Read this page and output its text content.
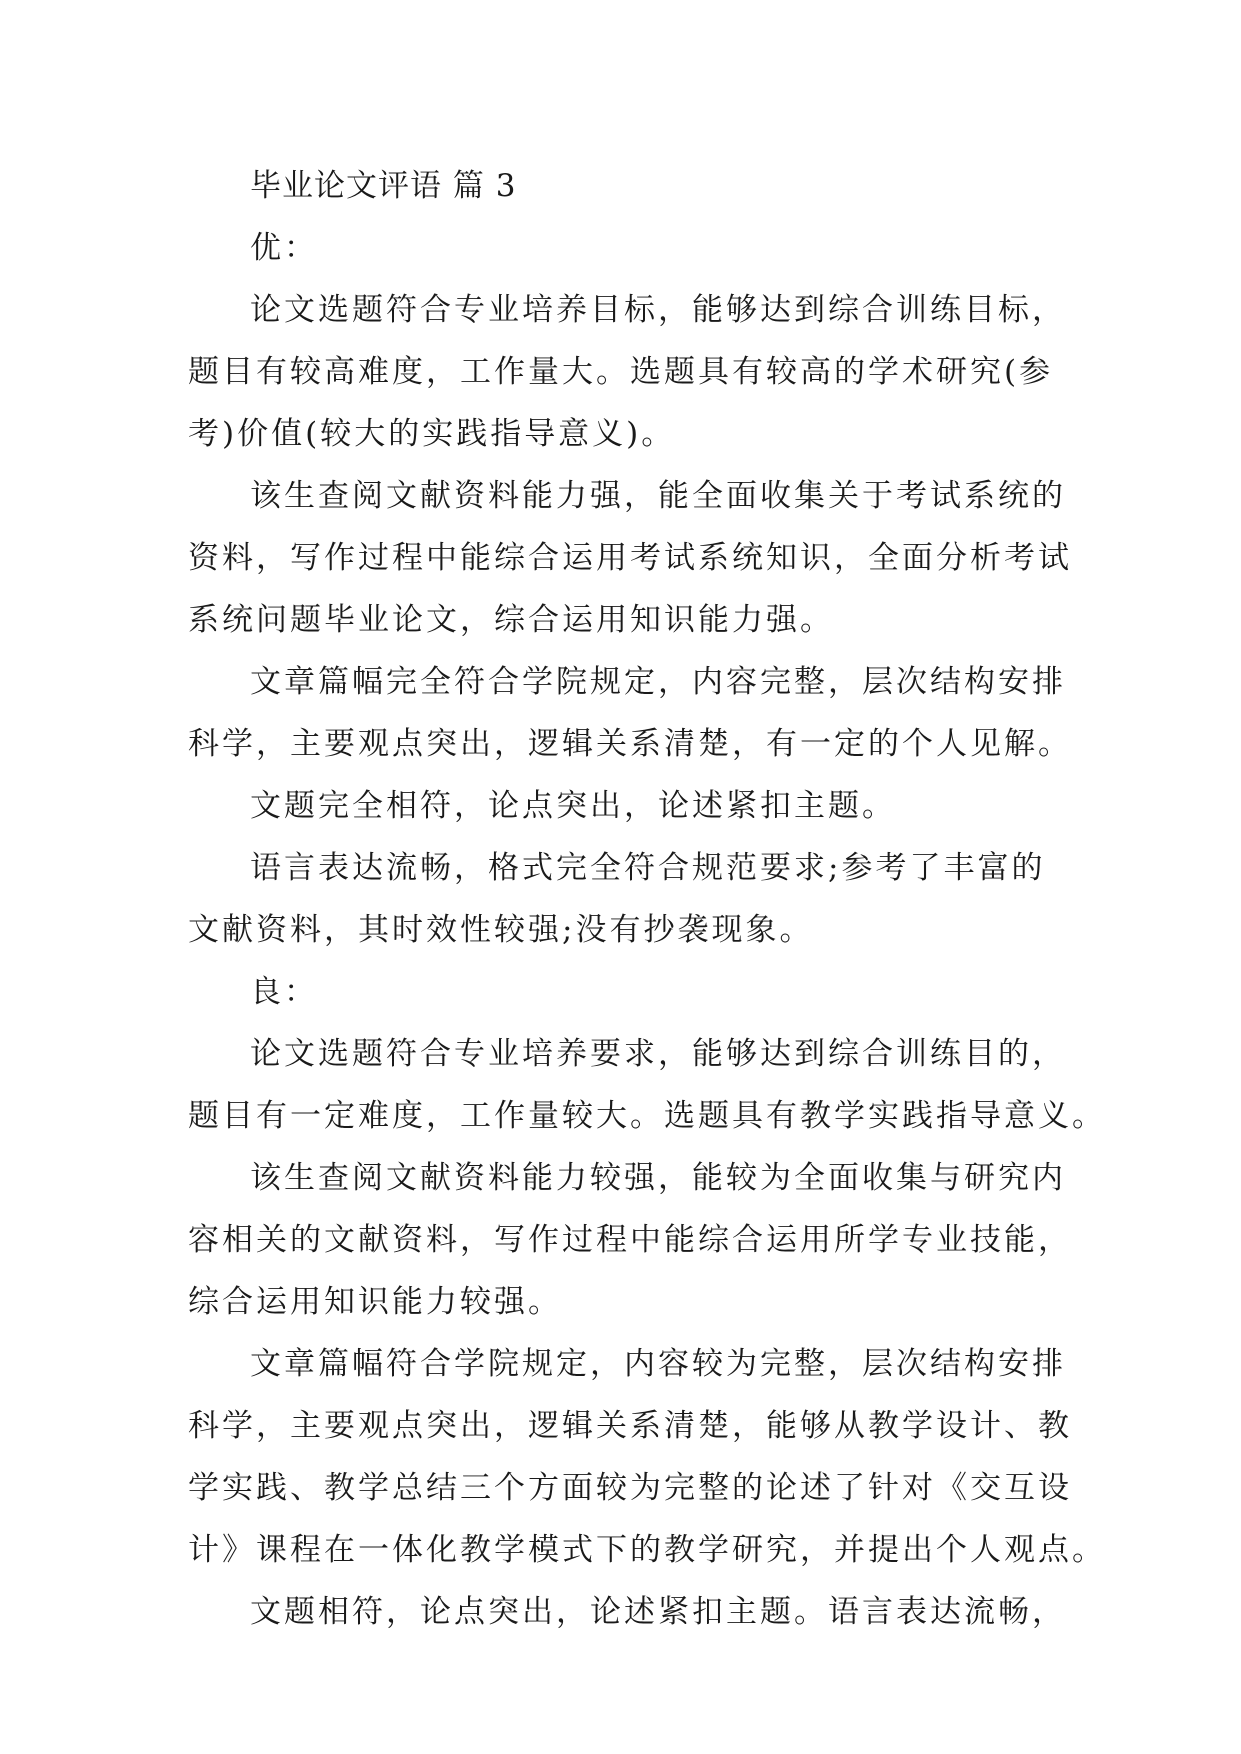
毕业论文评语 篇 3
优：
论文选题符合专业培养目标，能够达到综合训练目标，
题目有较高难度，工作量大。选题具有较高的学术研究(参
考)价值(较大的实践指导意义)。
该生查阅文献资料能力强，能全面收集关于考试系统的
资料，写作过程中能综合运用考试系统知识，全面分析考试
系统问题毕业论文，综合运用知识能力强。
文章篇幅完全符合学院规定，内容完整，层次结构安排
科学，主要观点突出，逻辑关系清楚，有一定的个人见解。
文题完全相符，论点突出，论述紧扣主题。
语言表达流畅，格式完全符合规范要求;参考了丰富的
文献资料，其时效性较强;没有抄袭现象。
良：
论文选题符合专业培养要求，能够达到综合训练目的，
题目有一定难度，工作量较大。选题具有教学实践指导意义。
该生查阅文献资料能力较强，能较为全面收集与研究内
容相关的文献资料，写作过程中能综合运用所学专业技能，
综合运用知识能力较强。
文章篇幅符合学院规定，内容较为完整，层次结构安排
科学，主要观点突出，逻辑关系清楚，能够从教学设计、教
学实践、教学总结三个方面较为完整的论述了针对《交互设
计》课程在一体化教学模式下的教学研究，并提出个人观点。
文题相符，论点突出，论述紧扣主题。语言表达流畅，
